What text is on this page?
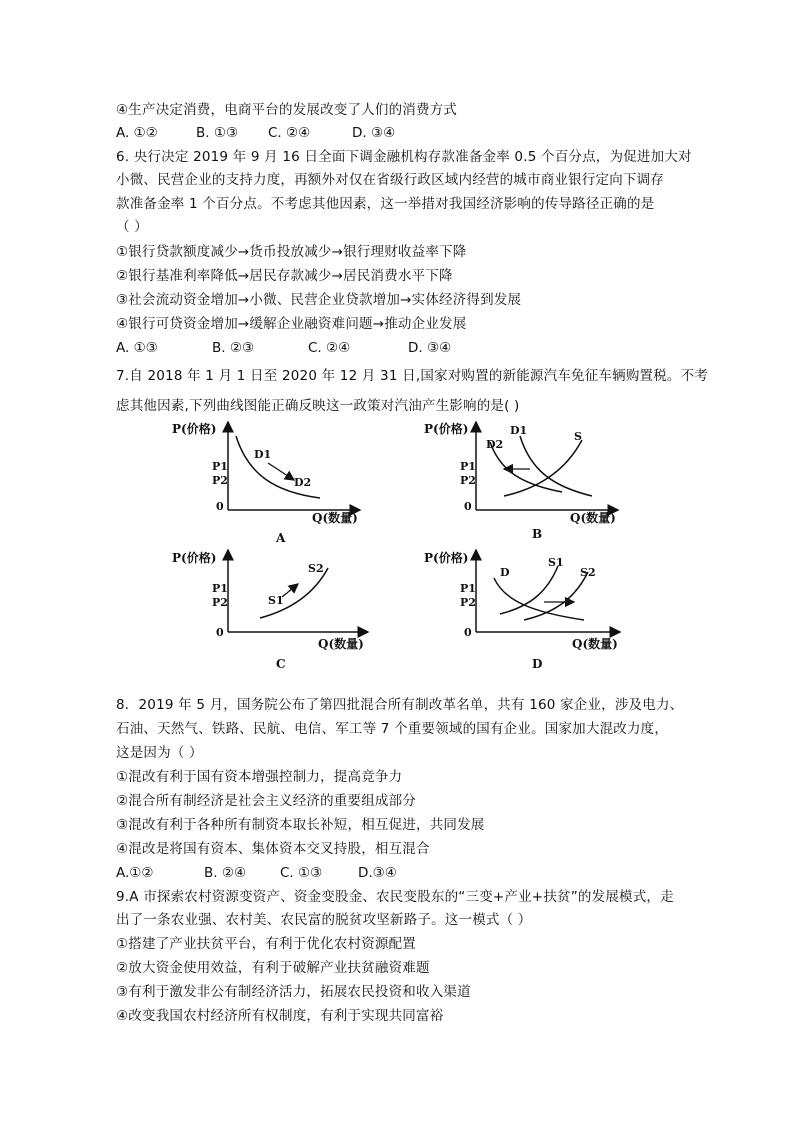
④生产决定消费，电商平台的发展改变了人们的消费方式
A. ①②	B. ①③ C. ②④	D. ③④
6. 央行决定 2019 年 9 月 16 日全面下调金融机构存款准备金率 0.5 个百分点，为促进加大对
小微、民营企业的支持力度，再额外对仅在省级行政区域内经营的城市商业银行定向下调存
款准备金率 1 个百分点。不考虑其他因素，这一举措对我国经济影响的传导路径正确的是
（ ）
①银行贷款额度减少→货币投放减少→银行理财收益率下降
②银行基准利率降低→居民存款减少→居民消费水平下降
③社会流动资金增加→小微、民营企业贷款增加→实体经济得到发展
④银行可贷资金增加→缓解企业融资难问题→推动企业发展
A. ①③	B. ②③	C. ②④	D. ③④
7.自 2018 年 1 月 1 日至 2020 年 12 月 31 日,国家对购置的新能源汽车免征车辆购置税。不考
虑其他因素,下列曲线图能正确反映这一政策对汽油产生影响的是( )
P(价格)
P1
P2
0
Q(数量)
D1
D2
A
P(价格)
P1
P2
0
Q(数量)
D1
D2
S
B
P(价格)
P1
P2
0
Q(数量)
S1
S2
C
P(价格)
P1
P2
0
Q(数量)
D
S1
S2
D
8．2019 年 5 月，国务院公布了第四批混合所有制改革名单，共有 160 家企业，涉及电力、
石油、天然气、铁路、民航、电信、军工等 7 个重要领域的国有企业。国家加大混改力度，
这是因为（ ）
①混改有利于国有资本增强控制力，提高竞争力
②混合所有制经济是社会主义经济的重要组成部分
③混改有利于各种所有制资本取长补短，相互促进，共同发展
④混改是将国有资本、集体资本交叉持股，相互混合
A.①②	B. ②④	C. ①③	D.③④
9.A 市探索农村资源变资产、资金变股金、农民变股东的“三变+产业+扶贫”的发展模式，走
出了一条农业强、农村美、农民富的脱贫攻坚新路子。这一模式（ ）
①搭建了产业扶贫平台，有利于优化农村资源配置
②放大资金使用效益，有利于破解产业扶贫融资难题
③有利于激发非公有制经济活力，拓展农民投资和收入渠道
④改变我国农村经济所有权制度，有利于实现共同富裕
